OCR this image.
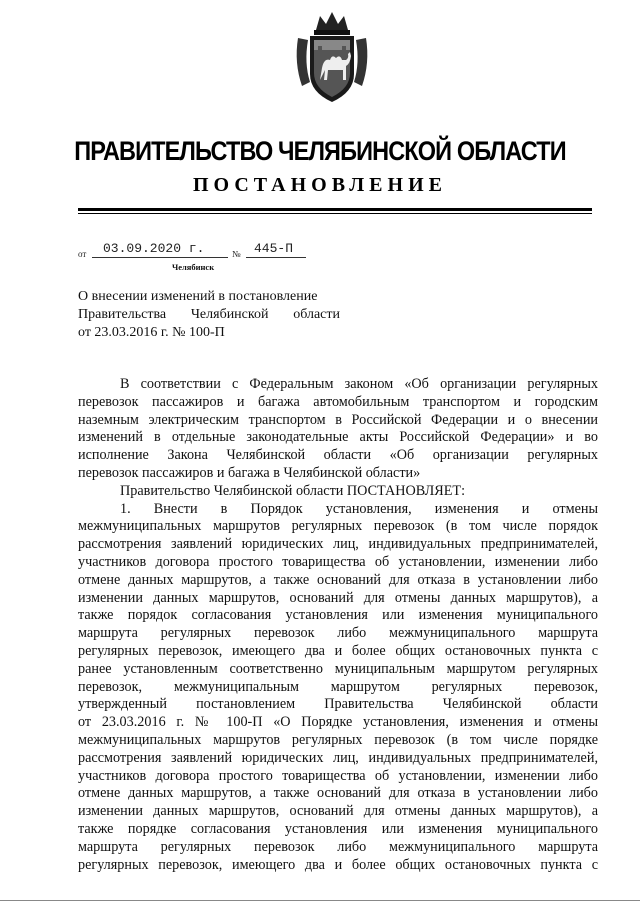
ПРАВИТЕЛЬСТВО ЧЕЛЯБИНСКОЙ ОБЛАСТИ
ПОСТАНОВЛЕНИЕ
от 03.09.2020 г.	№ 445-П
Челябинск
О внесении изменений в постановление
Правительства Челябинской области
от 23.03.2016 г. № 100-П
В соответствии с Федеральным законом «Об организации регулярных
перевозок пассажиров и багажа автомобильным транспортом и городским
наземным электрическим транспортом в Российской Федерации и о внесении
изменений в отдельные законодательные акты Российской Федерации» и во
исполнение Закона Челябинской области «Об организации регулярных
перевозок пассажиров и багажа в Челябинской области»
Правительство Челябинской области ПОСТАНОВЛЯЕТ:
1. Внести в Порядок установления, изменения и отмены
межмуниципальных маршрутов регулярных перевозок (в том числе порядок
рассмотрения заявлений юридических лиц, индивидуальных предпринимателей,
участников договора простого товарищества об установлении, изменении либо
отмене данных маршрутов, а также оснований для отказа в установлении либо
изменении данных маршрутов, оснований для отмены данных маршрутов), а
также порядок согласования установления или изменения муниципального
маршрута регулярных перевозок либо межмуниципального маршрута
регулярных перевозок, имеющего два и более общих остановочных пункта с
ранее установленным соответственно муниципальным маршрутом регулярных
перевозок, межмуниципальным маршрутом регулярных перевозок,
утвержденный постановлением Правительства Челябинской области
от 23.03.2016 г. № 100-П «О Порядке установления, изменения и отмены
межмуниципальных маршрутов регулярных перевозок (в том числе порядке
рассмотрения заявлений юридических лиц, индивидуальных предпринимателей,
участников договора простого товарищества об установлении, изменении либо
отмене данных маршрутов, а также оснований для отказа в установлении либо
изменении данных маршрутов, оснований для отмены данных маршрутов), а
также порядке согласования установления или изменения муниципального
маршрута регулярных перевозок либо межмуниципального маршрута
регулярных перевозок, имеющего два и более общих остановочных пункта с
